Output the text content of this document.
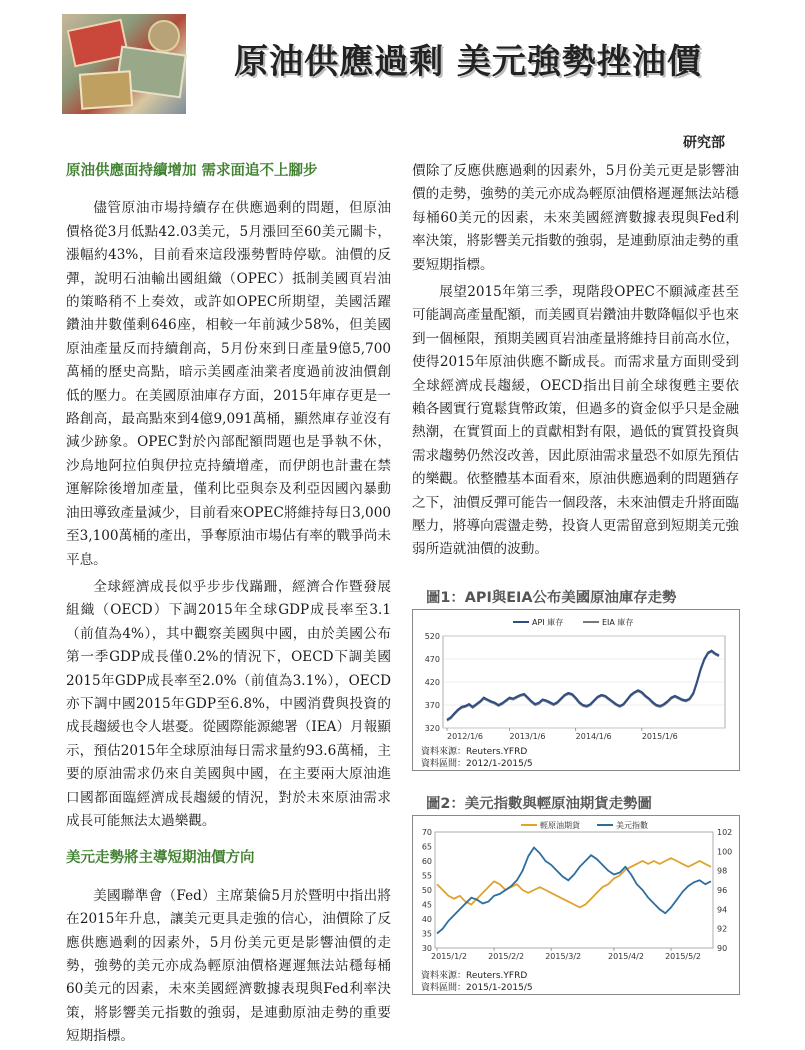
原油供應過剩 美元強勢挫油價
研究部
原油供應面持續增加 需求面追不上腳步

儘管原油市場持續存在供應過剩的問題，但原油價格從3月低點42.03美元，5月漲回至60美元關卡，漲幅約43%，目前看來這段漲勢暫時停歇。油價的反彈，說明石油輸出國組織（OPEC）抵制美國頁岩油的策略稍不上奏效，或許如OPEC所期望，美國活躍鑽油井數僅剩646座，相較一年前減少58%，但美國原油產量反而持續創高，5月份來到日產量9億5,700萬桶的歷史高點，暗示美國產油業者度過前波油價創低的壓力。在美國原油庫存方面，2015年庫存更是一路創高，最高點來到4億9,091萬桶，顯然庫存並沒有減少跡象。OPEC對於內部配額問題也是爭執不休，沙烏地阿拉伯與伊拉克持續增產，而伊朗也計畫在禁運解除後增加產量，僅利比亞與奈及利亞因國內暴動油田導致產量減少，目前看來OPEC將維持每日3,000至3,100萬桶的產出，爭奪原油市場佔有率的戰爭尚未平息。

全球經濟成長似乎步步伐蹣跚，經濟合作暨發展組織（OECD）下調2015年全球GDP成長率至3.1（前值為4%），其中觀察美國與中國，由於美國公布第一季GDP成長僅0.2%的情況下，OECD下調美國2015年GDP成長率至2.0%（前值為3.1%），OECD亦下調中國2015年GDP至6.8%，中國消費與投資的成長趨緩也令人堪憂。從國際能源總署（IEA）月報顯示，預估2015年全球原油每日需求量約93.6萬桶，主要的原油需求仍來自美國與中國，在主要兩大原油進口國都面臨經濟成長趨緩的情況，對於未來原油需求成長可能無法太過樂觀。

美元走勢將主導短期油價方向

美國聯準會（Fed）主席葉倫5月於暨明中指出將在2015年升息，讓美元更具走強的信心，油價除了反應供應過剩的因素外，5月份美元更是影響油價的走勢，強勢的美元亦成為輕原油價格遲遲無法站穩每桶60美元的因素，未來美國經濟數據表現與Fed利率決策，將影響美元指數的強弱，是連動原油走勢的重要短期指標。

價除了反應供應過剩的因素外，5月份美元更是影響油價的走勢，強勢的美元亦成為輕原油價格遲遲無法站穩每桶60美元的因素，未來美國經濟數據表現與Fed利率決策，將影響美元指數的強弱，是連動原油走勢的重要短期指標。

展望2015年第三季，現階段OPEC不願減產甚至可能調高產量配額，而美國頁岩鑽油井數降幅似乎也來到一個極限，預期美國頁岩油產量將維持目前高水位，使得2015年原油供應不斷成長。而需求量方面則受到全球經濟成長趨緩，OECD指出目前全球復甦主要依賴各國實行寬鬆貨幣政策，但過多的資金似乎只是金融熱潮，在實質面上的貢獻相對有限，過低的實質投資與需求趨勢仍然沒改善，因此原油需求量恐不如原先預估的樂觀。依整體基本面看來，原油供應過剩的問題猶存之下，油價反彈可能告一個段落，未來油價走升將面臨壓力，將導向震盪走勢，投資人更需留意到短期美元強弱所造就油價的波動。

圖1：API與EIA公布美國原油庫存走勢
320
370
420
470
520
2012/1/6	2013/1/6	2014/1/6	2015/1/6
API 庫存	EIA 庫存
資料來源：Reuters.YFRD
資料區間：2012/1-2015/5
圖2：美元指數與輕原油期貨走勢圖
30
35
40
45
50
55
60
65
70
90
92
94
96
98
100
102
2015/1/2	2015/2/2	2015/3/2	2015/4/2	2015/5/2
輕原油期貨	美元指數
資料來源：Reuters.YFRD
資料區間：2015/1-2015/5
